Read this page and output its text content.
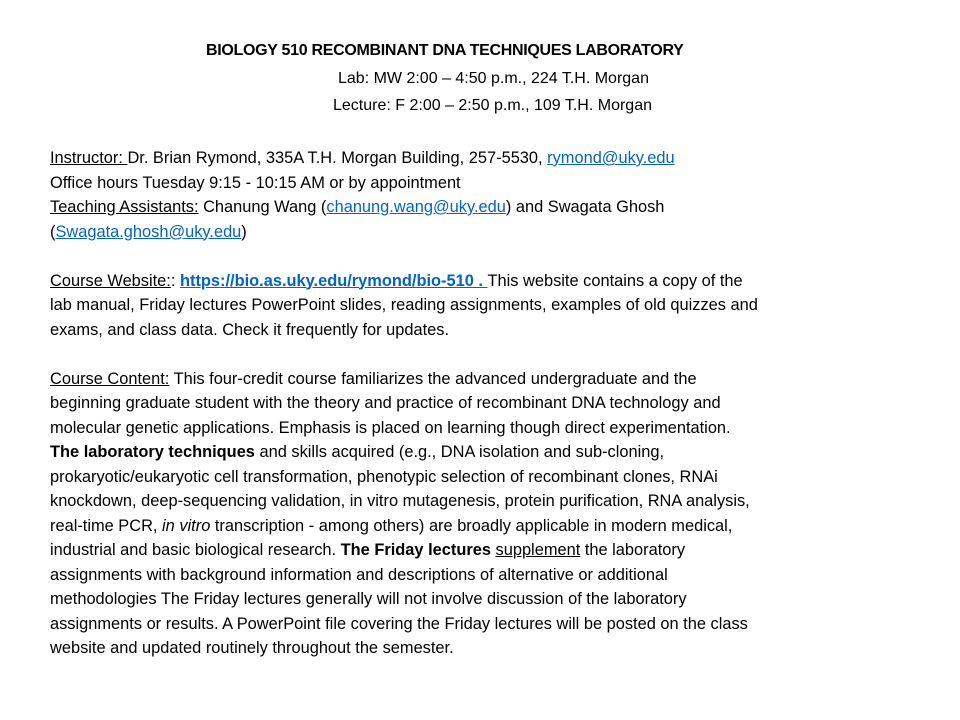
BIOLOGY 510 RECOMBINANT DNA TECHNIQUES LABORATORY
Lab: MW 2:00 – 4:50 p.m., 224 T.H. Morgan
Lecture: F 2:00 – 2:50 p.m., 109 T.H. Morgan
Instructor: Dr. Brian Rymond, 335A T.H. Morgan Building, 257-5530, rymond@uky.edu
Office hours Tuesday 9:15 - 10:15 AM or by appointment
Teaching Assistants: Chanung Wang (chanung.wang@uky.edu) and Swagata Ghosh
(Swagata.ghosh@uky.edu)
Course Website:: https://bio.as.uky.edu/rymond/bio-510 . This website contains a copy of the
lab manual, Friday lectures PowerPoint slides, reading assignments, examples of old quizzes and
exams, and class data. Check it frequently for updates.
Course Content: This four-credit course familiarizes the advanced undergraduate and the
beginning graduate student with the theory and practice of recombinant DNA technology and
molecular genetic applications. Emphasis is placed on learning though direct experimentation.
The laboratory techniques and skills acquired (e.g., DNA isolation and sub-cloning,
prokaryotic/eukaryotic cell transformation, phenotypic selection of recombinant clones, RNAi
knockdown, deep-sequencing validation, in vitro mutagenesis, protein purification, RNA analysis,
real-time PCR, in vitro transcription - among others) are broadly applicable in modern medical,
industrial and basic biological research. The Friday lectures supplement the laboratory
assignments with background information and descriptions of alternative or additional
methodologies The Friday lectures generally will not involve discussion of the laboratory
assignments or results. A PowerPoint file covering the Friday lectures will be posted on the class
website and updated routinely throughout the semester.
